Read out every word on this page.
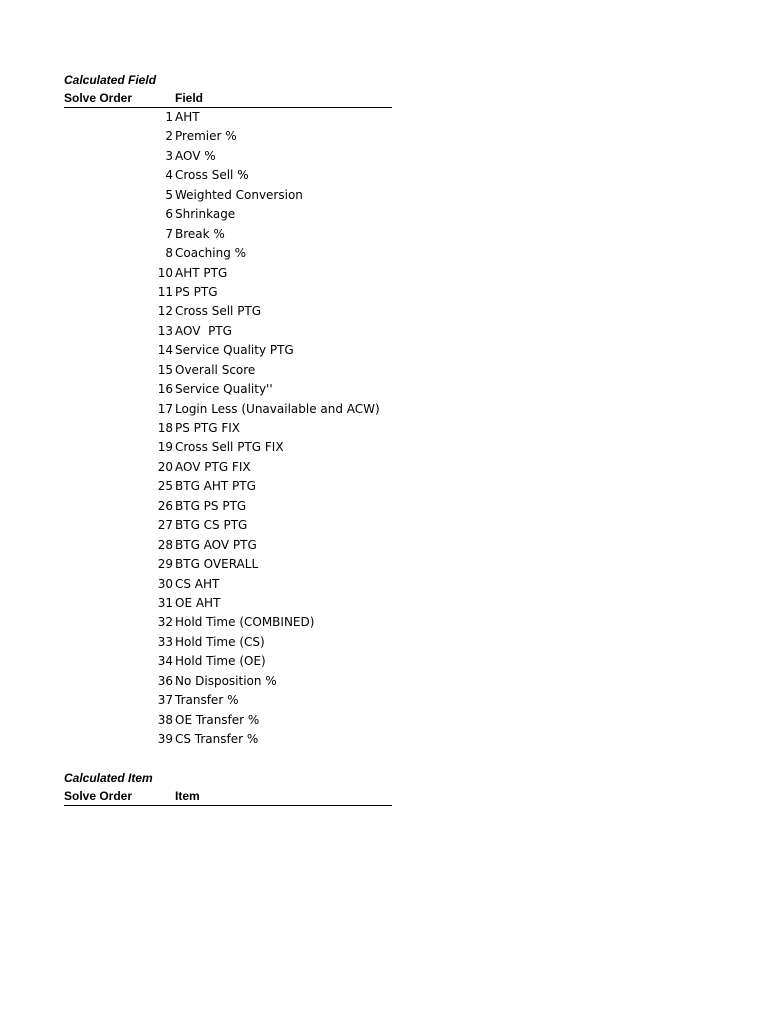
Calculated Field
Solve Order	Field
1 AHT
2 Premier %
3 AOV %
4 Cross Sell %
5 Weighted Conversion
6 Shrinkage
7 Break %
8 Coaching %
10 AHT PTG
11 PS PTG
12 Cross Sell PTG
13 AOV  PTG
14 Service Quality PTG
15 Overall Score
16 Service Quality''
17 Login Less (Unavailable and ACW)
18 PS PTG FIX
19 Cross Sell PTG FIX
20 AOV PTG FIX
25 BTG AHT PTG
26 BTG PS PTG
27 BTG CS PTG
28 BTG AOV PTG
29 BTG OVERALL
30 CS AHT
31 OE AHT
32 Hold Time (COMBINED)
33 Hold Time (CS)
34 Hold Time (OE)
36 No Disposition %
37 Transfer %
38 OE Transfer %
39 CS Transfer %
Calculated Item
Solve Order	Item
